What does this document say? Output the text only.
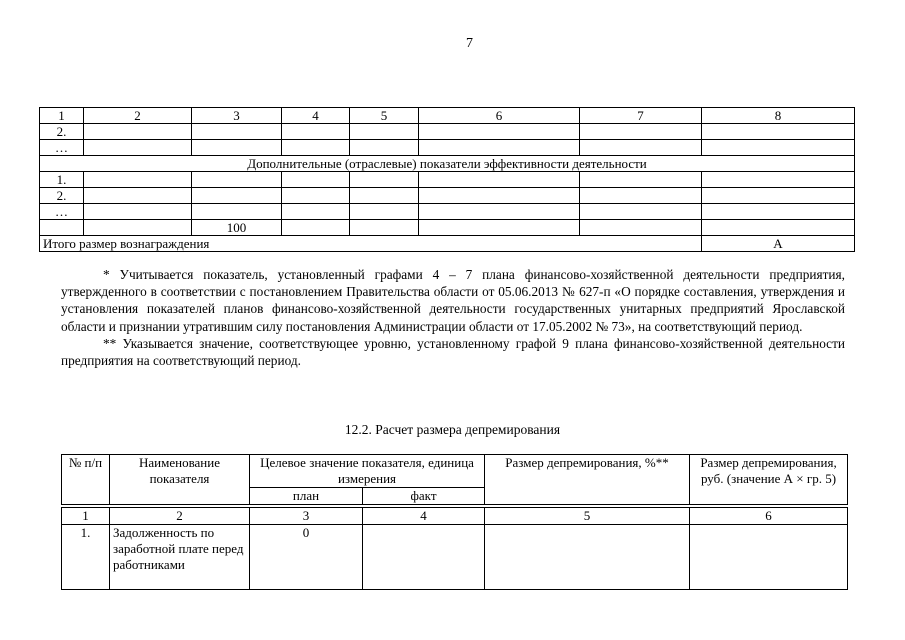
7
1	2	3	4	5	6	7	8
2.							
…							
Дополнительные (отраслевые) показатели эффективности деятельности							
1.							
2.							
…							
		100					
Итого размер вознаграждения							А

* Учитывается показатель, установленный графами 4 – 7 плана финансово-хозяйственной деятельности предприятия, утвержденного в соответствии с постановлением Правительства области от 05.06.2013 № 627-п «О порядке составления, утверждения и установления показателей планов финансово-хозяйственной деятельности государственных унитарных предприятий Ярославской области и признании утратившим силу постановления Администрации области от 17.05.2002 № 73», на соответствующий период.

** Указывается значение, соответствующее уровню, установленному графой 9 плана финансово-хозяйственной деятельности предприятия на соответствующий период.

12.2. Расчет размера депремирования
№ п/п	Наименование показателя	Целевое значение показателя, единица измерения		Размер депремирования, %**	Размер депремирования, руб. (значение А × гр. 5)
		план	факт		

1	2	3	4	5	6
1.	Задолженность по заработной плате перед работниками	0			
